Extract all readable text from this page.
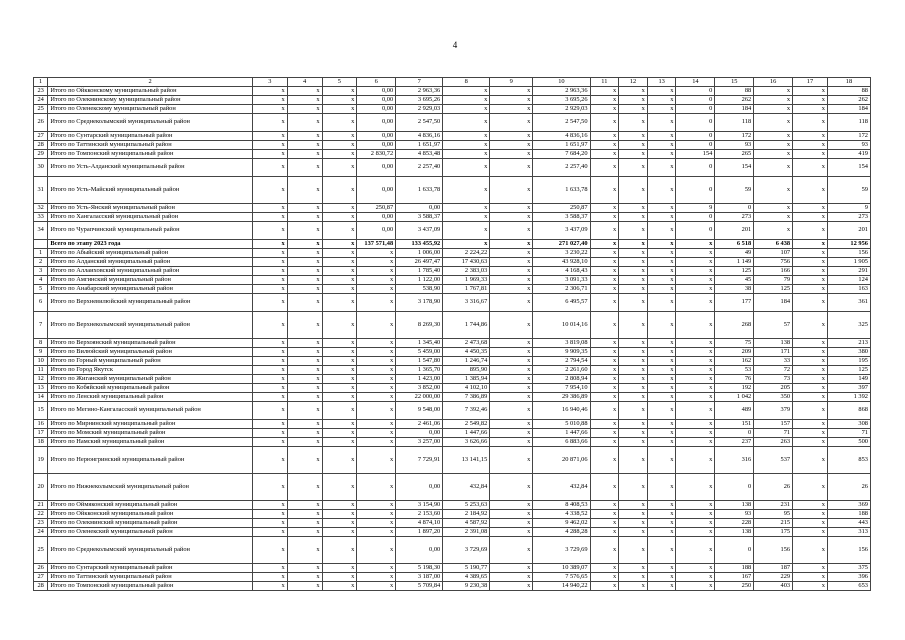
4
1	2	3	4	5	6	7	8	9	10	11	12	13	14	15	16	17	18
23	Итого по Ойкконскому муниципальный район	x	x	x	0,00	2 963,36	x	x	2 963,36	x	x	x	0	88	x	x	88
24	Итого по Олекминскому муниципальный район	x	x	x	0,00	3 695,26	x	x	3 695,26	x	x	x	0	262	x	x	262
25	Итого по Оленекскому муниципальный район	x	x	x	0,00	2 929,03	x	x	2 929,03	x	x	x	0	184	x	x	184
26	Итого по Среднеколымский муниципальный район	x	x	x	0,00	2 547,50	x	x	2 547,50	x	x	x	0	118	x	x	118
27	Итого по Сунтарский муниципальный район	x	x	x	0,00	4 836,16	x	x	4 836,16	x	x	x	0	172	x	x	172
28	Итого по Таттинский муниципальный район	x	x	x	0,00	1 651,97	x	x	1 651,97	x	x	x	0	93	x	x	93
29	Итого по Томпонский муниципальный район	x	x	x	2 830,72	4 853,48	x	x	7 684,20	x	x	x	154	265	x	x	419
30	Итого по Усть-Алданский муниципальный район	x	x	x	0,00	2 257,40	x	x	2 257,40	x	x	x	0	154	x	x	154
31	Итого по Усть-Майский муниципальный район	x	x	x	0,00	1 633,78	x	x	1 633,78	x	x	x	0	59	x	x	59
32	Итого по Усть-Янский муниципальный район	x	x	x	250,87	0,00	x	x	250,87	x	x	x	9	0	x	x	9
33	Итого по Хангаласский муниципальный район	x	x	x	0,00	3 588,37	x	x	3 588,37	x	x	x	0	273	x	x	273
34	Итого по Чурапчинский муниципальный район	x	x	x	0,00	3 437,09	x	x	3 437,09	x	x	x	0	201	x	x	201
	Всего по этапу 2023 года	x	x	x	137 571,48	133 455,92	x	x	271 027,40	x	x	x	x	6 518	6 438	x	12 956
1	Итого по Абыйский муниципальный район	x	x	x	x	1 006,00	2 224,22	x	3 230,22	x	x	x	x	49	107	x	156
2	Итого по Алданский муниципальный район	x	x	x	x	26 497,47	17 430,63	x	43 928,10	x	x	x	x	1 149	756	x	1 905
3	Итого по Аллаиховский муниципальный район	x	x	x	x	1 785,40	2 383,03	x	4 168,43	x	x	x	x	125	166	x	291
4	Итого по Амгинский муниципальный район	x	x	x	x	1 122,00	1 969,33	x	3 091,33	x	x	x	x	45	79	x	124
5	Итого по Анабарский муниципальный район	x	x	x	x	538,90	1 767,81	x	2 306,71	x	x	x	x	38	125	x	163
6	Итого по Верхневилюйский муниципальный район	x	x	x	x	3 178,90	3 316,67	x	6 495,57	x	x	x	x	177	184	x	361
7	Итого по Верхнеколымский муниципальный район	x	x	x	x	8 269,30	1 744,86	x	10 014,16	x	x	x	x	268	57	x	325
8	Итого по Верхоянский муниципальный район	x	x	x	x	1 345,40	2 473,68	x	3 819,08	x	x	x	x	75	138	x	213
9	Итого по Вилюйский муниципальный район	x	x	x	x	5 459,00	4 450,35	x	9 909,35	x	x	x	x	209	171	x	380
10	Итого по Горный муниципальный район	x	x	x	x	1 547,80	1 246,74	x	2 794,54	x	x	x	x	162	33	x	195
11	Итого по Город Якутск	x	x	x	x	1 365,70	895,90	x	2 261,60	x	x	x	x	53	72	x	125
12	Итого по Жиганский муниципальный район	x	x	x	x	1 423,00	1 385,94	x	2 808,94	x	x	x	x	76	73	x	149
13	Итого по Кобяйский муниципальный район	x	x	x	x	3 852,00	4 102,10	x	7 954,10	x	x	x	x	192	205	x	397
14	Итого по Ленский муниципальный район	x	x	x	x	22 000,00	7 386,89	x	29 386,89	x	x	x	x	1 042	350	x	1 392
15	Итого по Мегино-Кангаласский муниципальный район	x	x	x	x	9 548,00	7 392,46	x	16 940,46	x	x	x	x	489	379	x	868
16	Итого по Мирнинский муниципальный район	x	x	x	x	2 461,06	2 549,82	x	5 010,88	x	x	x	x	151	157	x	308
17	Итого по Момский муниципальный район	x	x	x	x	0,00	1 447,66	x	1 447,66	x	x	x	x	0	71	x	71
18	Итого по Намский муниципальный район	x	x	x	x	3 257,00	3 626,66	x	6 883,66	x	x	x	x	237	263	x	500
19	Итого по Нерюнгринский муниципальный район	x	x	x	x	7 729,91	13 141,15	x	20 871,06	x	x	x	x	316	537	x	853
20	Итого по Нижнеколымский муниципальный район	x	x	x	x	0,00	432,84	x	432,84	x	x	x	x	0	26	x	26
21	Итого по Оймяконский муниципальный район	x	x	x	x	3 154,90	5 253,63	x	8 408,53	x	x	x	x	138	231	x	369
22	Итого по Ойкконский муниципальный район	x	x	x	x	2 153,60	2 184,92	x	4 338,52	x	x	x	x	93	95	x	188
23	Итого по Олекминский муниципальный район	x	x	x	x	4 874,10	4 587,92	x	9 462,02	x	x	x	x	228	215	x	443
24	Итого по Оленекский муниципальный район	x	x	x	x	1 897,20	2 391,08	x	4 288,28	x	x	x	x	138	175	x	313
25	Итого по Среднеколымский муниципальный район	x	x	x	x	0,00	3 729,69	x	3 729,69	x	x	x	x	0	156	x	156
26	Итого по Сунтарский муниципальный район	x	x	x	x	5 198,30	5 190,77	x	10 389,07	x	x	x	x	188	187	x	375
27	Итого по Таттинский муниципальный район	x	x	x	x	3 187,00	4 389,65	x	7 576,65	x	x	x	x	167	229	x	396
28	Итого по Томпонский муниципальный район	x	x	x	x	5 709,84	9 230,38	x	14 940,22	x	x	x	x	250	403	x	653
